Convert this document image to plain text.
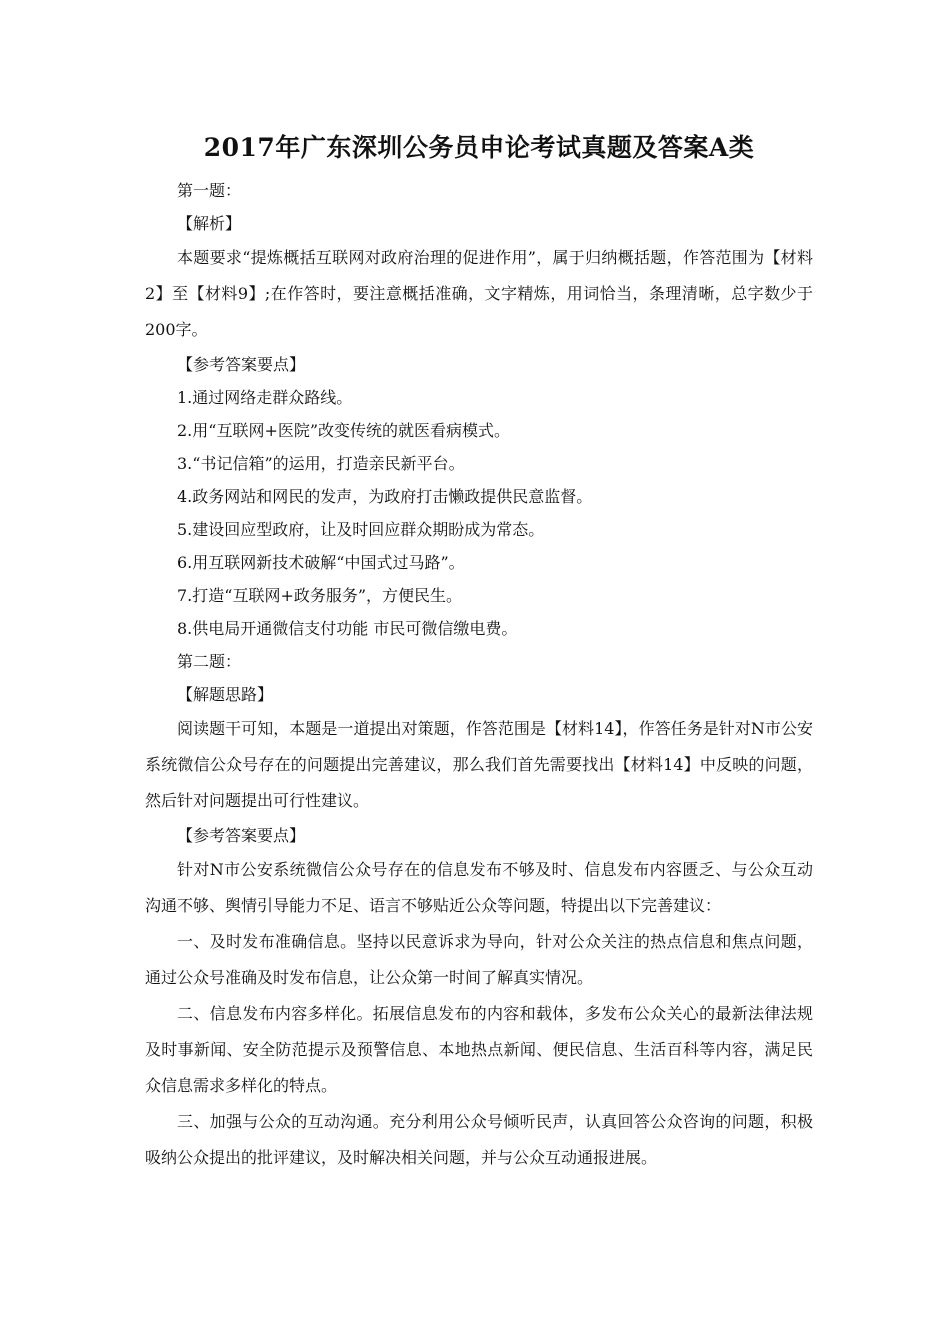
2017年广东深圳公务员申论考试真题及答案A类

第一题：

【解析】

本题要求“提炼概括互联网对政府治理的促进作用”，属于归纳概括题，作答范围为【材料2】至【材料9】;在作答时，要注意概括准确，文字精炼，用词恰当，条理清晰，总字数少于200字。

【参考答案要点】

1.通过网络走群众路线。

2.用“互联网+医院”改变传统的就医看病模式。

3.“书记信箱”的运用，打造亲民新平台。

4.政务网站和网民的发声，为政府打击懒政提供民意监督。

5.建设回应型政府，让及时回应群众期盼成为常态。

6.用互联网新技术破解“中国式过马路”。

7.打造“互联网+政务服务”，方便民生。

8.供电局开通微信支付功能 市民可微信缴电费。

第二题：

【解题思路】

阅读题干可知，本题是一道提出对策题，作答范围是【材料14】，作答任务是针对N市公安系统微信公众号存在的问题提出完善建议，那么我们首先需要找出【材料14】中反映的问题，然后针对问题提出可行性建议。

【参考答案要点】

针对N市公安系统微信公众号存在的信息发布不够及时、信息发布内容匮乏、与公众互动沟通不够、舆情引导能力不足、语言不够贴近公众等问题，特提出以下完善建议：

一、及时发布准确信息。坚持以民意诉求为导向，针对公众关注的热点信息和焦点问题，通过公众号准确及时发布信息，让公众第一时间了解真实情况。

二、信息发布内容多样化。拓展信息发布的内容和载体，多发布公众关心的最新法律法规及时事新闻、安全防范提示及预警信息、本地热点新闻、便民信息、生活百科等内容，满足民众信息需求多样化的特点。

三、加强与公众的互动沟通。充分利用公众号倾听民声，认真回答公众咨询的问题，积极吸纳公众提出的批评建议，及时解决相关问题，并与公众互动通报进展。
